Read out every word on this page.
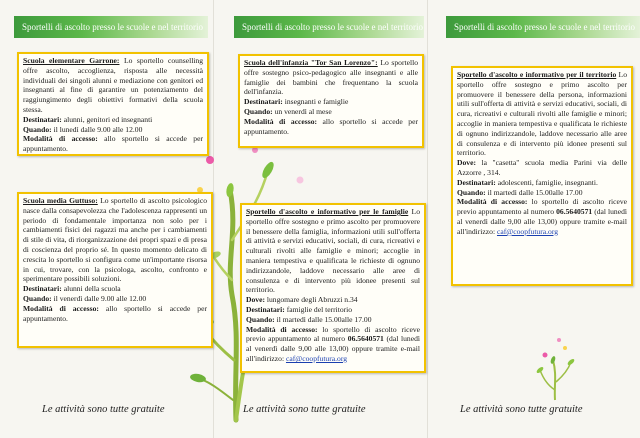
Sportelli di ascolto presso le scuole e nel territorio	Sportelli di ascolto presso le scuole e nel territorio	Sportelli di ascolto presso le scuole e nel territorio

Scuola elementare Garrone: Lo sportello counselling offre ascolto, accoglienza, risposta alle necessità individuali dei singoli alunni e mediazione con genitori ed insegnanti al fine di garantire un potenziamento del raggiungimento degli obiettivi formativi della scuola stessa.

Destinatari: alunni, genitori ed insegnanti

Quando: il lunedì dalle 9.00 alle 12.00

Modalità di accesso: allo sportello si accede per appuntamento.

Scuola media Guttuso: Lo sportello di ascolto psicologico nasce dalla consapevolezza che l'adolescenza rappresenti un periodo di fondamentale importanza non solo per i cambiamenti fisici dei ragazzi ma anche per i cambiamenti di stile di vita, di riorganizzazione dei propri spazi e di presa di coscienza del proprio sé. In questo momento delicato di crescita lo sportello si configura come un'importante risorsa in cui, trovare, con la psicologa, ascolto, confronto e sperimentare possibili soluzioni.

Destinatari: alunni della scuola

Quando: il venerdì dalle 9.00 alle 12.00

Modalità di accesso: allo sportello si accede per appuntamento.

Scuola dell'infanzia "Tor San Lorenzo": Lo sportello offre sostegno psico-pedagogico alle insegnanti e alle famiglie dei bambini che frequentano la scuola dell'infanzia.

Destinatari: insegnanti e famiglie

Quando: un venerdì al mese

Modalità di accesso: allo sportello si accede per appuntamento.

Sportello d'ascolto e informativo per le famiglie Lo sportello offre sostegno e primo ascolto per promuovere il benessere della famiglia, informazioni utili sull'offerta di attività e servizi educativi, sociali, di cura, ricreativi e culturali rivolti alle famiglie e minori; accoglie in maniera tempestiva e qualificata le richieste di ognuno indirizzandole, laddove necessario alle aree di consulenza e di intervento più idonee presenti sul territorio.

Dove: lungomare degli Abruzzi n.34

Destinatari: famiglie del territorio

Quando: il martedì dalle 15.00alle 17.00

Modalità di accesso: lo sportello di ascolto riceve previo appuntamento al numero 06.5640571 (dal lunedì al venerdì dalle 9,00 alle 13,00) oppure tramite e-mail all'indirizzo: caf@coopfutura.org

Sportello d'ascolto e informativo per il territorio Lo sportello offre sostegno e primo ascolto per promuovere il benessere della persona, informazioni utili sull'offerta di attività e servizi educativi, sociali, di cura, ricreativi e culturali rivolti alle famiglie e minori; accoglie in maniera tempestiva e qualificata le richieste di ognuno indirizzandole, laddove necessario alle aree di consulenza e di intervento più idonee presenti sul territorio.

Dove: la "casetta" scuola media Parini via delle Azzorre , 314.

Destinatari: adolescenti, famiglie, insegnanti.

Quando: il martedì dalle 15.00alle 17.00

Modalità di accesso: lo sportello di ascolto riceve previo appuntamento al numero 06.5640571 (dal lunedì al venerdì dalle 9,00 alle 13,00) oppure tramite e-mail all'indirizzo: caf@coopfutura.org

Le attività sono tutte gratuite	Le attività sono tutte gratuite	Le attività sono tutte gratuite
